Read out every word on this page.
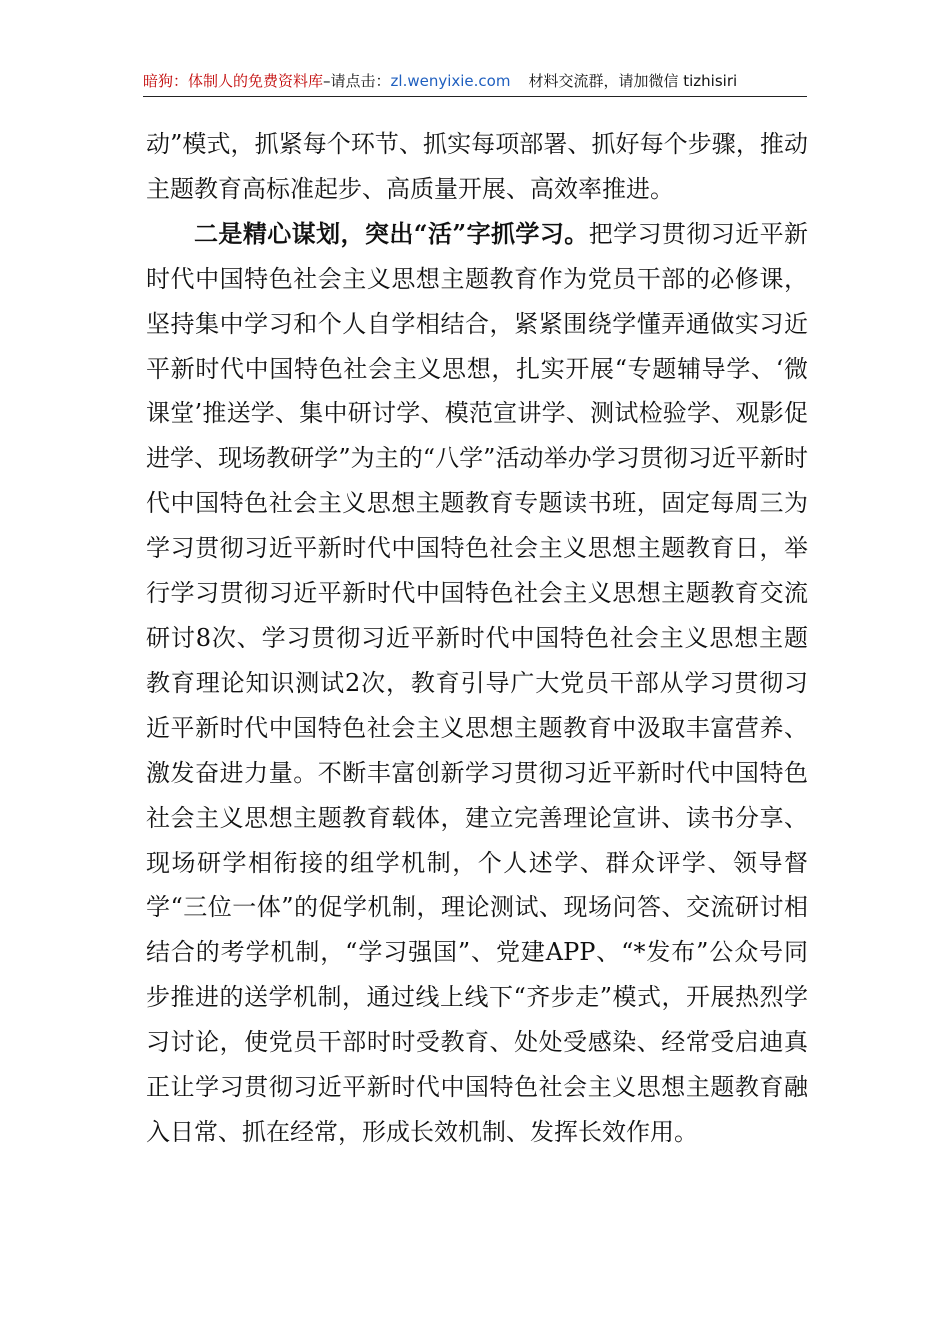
暗狗：体制人的免费资料库–请点击：zl.wenyixie.com 材料交流群，请加微信 tizhisiri

动”模式，抓紧每个环节、抓实每项部署、抓好每个步骤，推动主题教育高标准起步、高质量开展、高效率推进。

二是精心谋划，突出“活”字抓学习。把学习贯彻习近平新时代中国特色社会主义思想主题教育作为党员干部的必修课，坚持集中学习和个人自学相结合，紧紧围绕学懂弄通做实习近平新时代中国特色社会主义思想，扎实开展“专题辅导学、‘微课堂’推送学、集中研讨学、模范宣讲学、测试检验学、观影促进学、现场教研学”为主的“八学”活动举办学习贯彻习近平新时代中国特色社会主义思想主题教育专题读书班，固定每周三为学习贯彻习近平新时代中国特色社会主义思想主题教育日，举行学习贯彻习近平新时代中国特色社会主义思想主题教育交流研讨8次、学习贯彻习近平新时代中国特色社会主义思想主题教育理论知识测试2次，教育引导广大党员干部从学习贯彻习近平新时代中国特色社会主义思想主题教育中汲取丰富营养、激发奋进力量。不断丰富创新学习贯彻习近平新时代中国特色社会主义思想主题教育载体，建立完善理论宣讲、读书分享、现场研学相衔接的组学机制，个人述学、群众评学、领导督学“三位一体”的促学机制，理论测试、现场问答、交流研讨相结合的考学机制，“学习强国”、党建APP、“*发布”公众号同步推进的送学机制，通过线上线下“齐步走”模式，开展热烈学习讨论，使党员干部时时受教育、处处受感染、经常受启迪真正让学习贯彻习近平新时代中国特色社会主义思想主题教育融入日常、抓在经常，形成长效机制、发挥长效作用。
